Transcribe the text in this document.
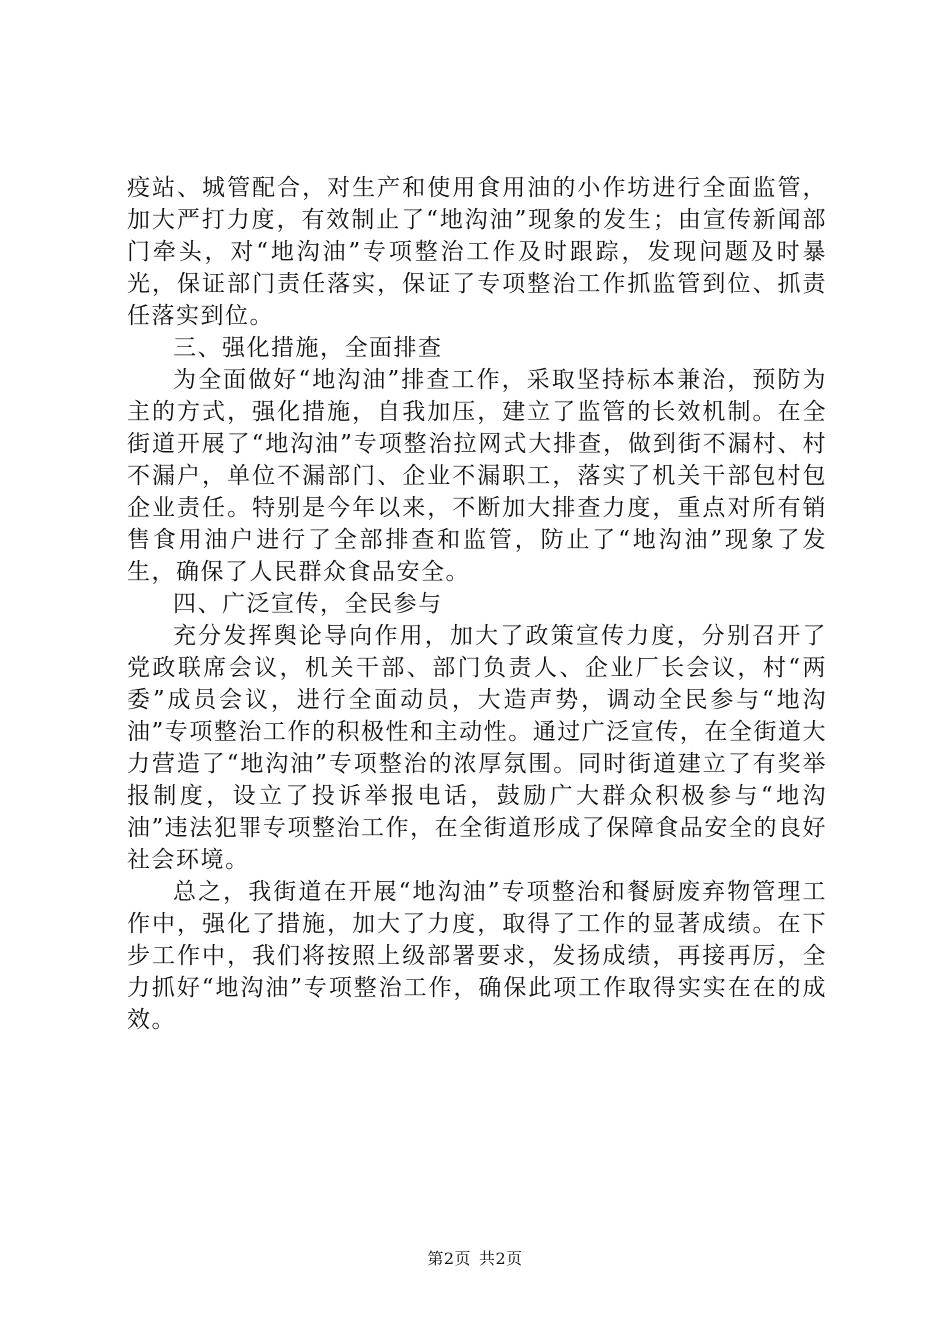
疫站、城管配合，对生产和使用食用油的小作坊进行全面监管，加大严打力度，有效制止了“地沟油”现象的发生；由宣传新闻部门牵头，对“地沟油”专项整治工作及时跟踪，发现问题及时暴光，保证部门责任落实，保证了专项整治工作抓监管到位、抓责任落实到位。

三、强化措施，全面排查

为全面做好“地沟油”排查工作，采取坚持标本兼治，预防为主的方式，强化措施，自我加压，建立了监管的长效机制。在全街道开展了“地沟油”专项整治拉网式大排查，做到街不漏村、村不漏户，单位不漏部门、企业不漏职工，落实了机关干部包村包企业责任。特别是今年以来，不断加大排查力度，重点对所有销售食用油户进行了全部排查和监管，防止了“地沟油”现象了发生，确保了人民群众食品安全。

四、广泛宣传，全民参与

充分发挥舆论导向作用，加大了政策宣传力度，分别召开了党政联席会议，机关干部、部门负责人、企业厂长会议，村“两委”成员会议，进行全面动员，大造声势，调动全民参与“地沟油”专项整治工作的积极性和主动性。通过广泛宣传，在全街道大力营造了“地沟油”专项整治的浓厚氛围。同时街道建立了有奖举报制度，设立了投诉举报电话，鼓励广大群众积极参与“地沟油”违法犯罪专项整治工作，在全街道形成了保障食品安全的良好社会环境。

总之，我街道在开展“地沟油”专项整治和餐厨废弃物管理工作中，强化了措施，加大了力度，取得了工作的显著成绩。在下步工作中，我们将按照上级部署要求，发扬成绩，再接再厉，全力抓好“地沟油”专项整治工作，确保此项工作取得实实在在的成效。

第2页 共2页
